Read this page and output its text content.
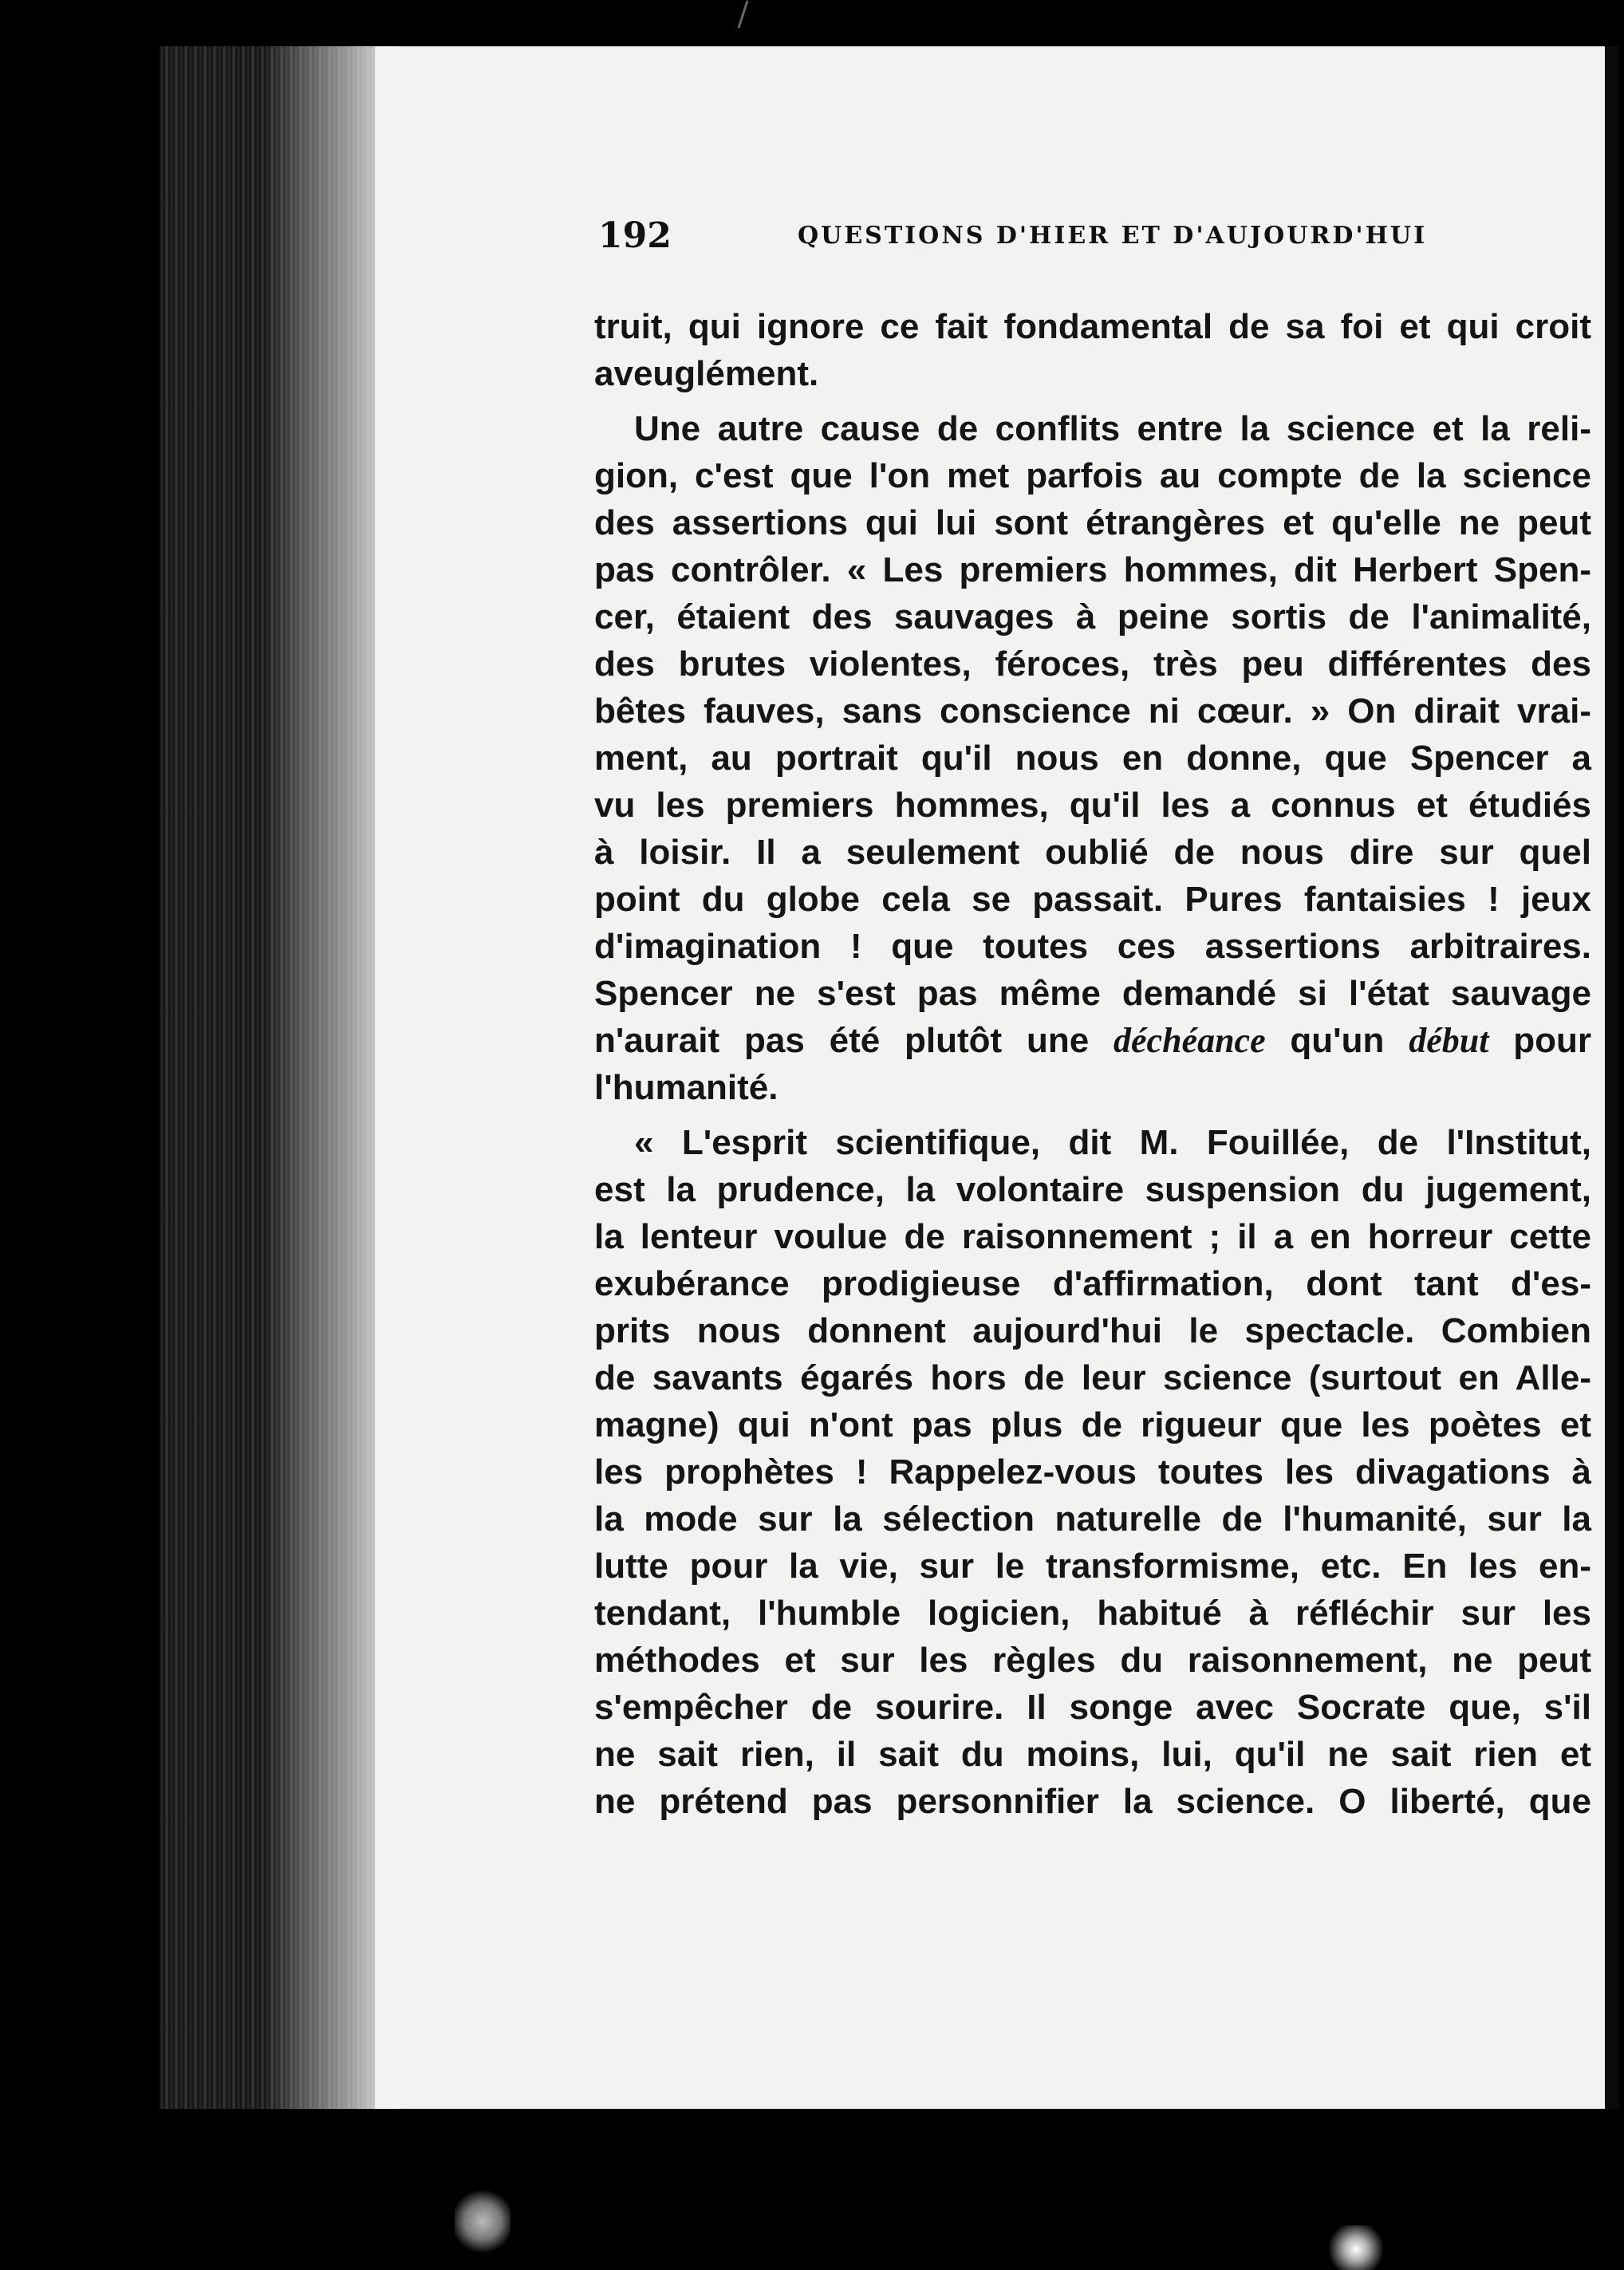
192	QUESTIONS D'HIER ET D'AUJOURD'HUI
truit, qui ignore ce fait fondamental de sa foi et qui croit
aveuglément.
Une autre cause de conflits entre la science et la reli-
gion, c'est que l'on met parfois au compte de la science
des assertions qui lui sont étrangères et qu'elle ne peut
pas contrôler. « Les premiers hommes, dit Herbert Spen-
cer, étaient des sauvages à peine sortis de l'animalité,
des brutes violentes, féroces, très peu différentes des
bêtes fauves, sans conscience ni cœur. » On dirait vrai-
ment, au portrait qu'il nous en donne, que Spencer a
vu les premiers hommes, qu'il les a connus et étudiés
à loisir. Il a seulement oublié de nous dire sur quel
point du globe cela se passait. Pures fantaisies ! jeux
d'imagination ! que toutes ces assertions arbitraires.
Spencer ne s'est pas même demandé si l'état sauvage
n'aurait pas été plutôt une déchéance qu'un début pour
l'humanité.
« L'esprit scientifique, dit M. Fouillée, de l'Institut,
est la prudence, la volontaire suspension du jugement,
la lenteur voulue de raisonnement ; il a en horreur cette
exubérance prodigieuse d'affirmation, dont tant d'es-
prits nous donnent aujourd'hui le spectacle. Combien
de savants égarés hors de leur science (surtout en Alle-
magne) qui n'ont pas plus de rigueur que les poètes et
les prophètes ! Rappelez-vous toutes les divagations à
la mode sur la sélection naturelle de l'humanité, sur la
lutte pour la vie, sur le transformisme, etc. En les en-
tendant, l'humble logicien, habitué à réfléchir sur les
méthodes et sur les règles du raisonnement, ne peut
s'empêcher de sourire. Il songe avec Socrate que, s'il
ne sait rien, il sait du moins, lui, qu'il ne sait rien et
ne prétend pas personnifier la science. O liberté, que
